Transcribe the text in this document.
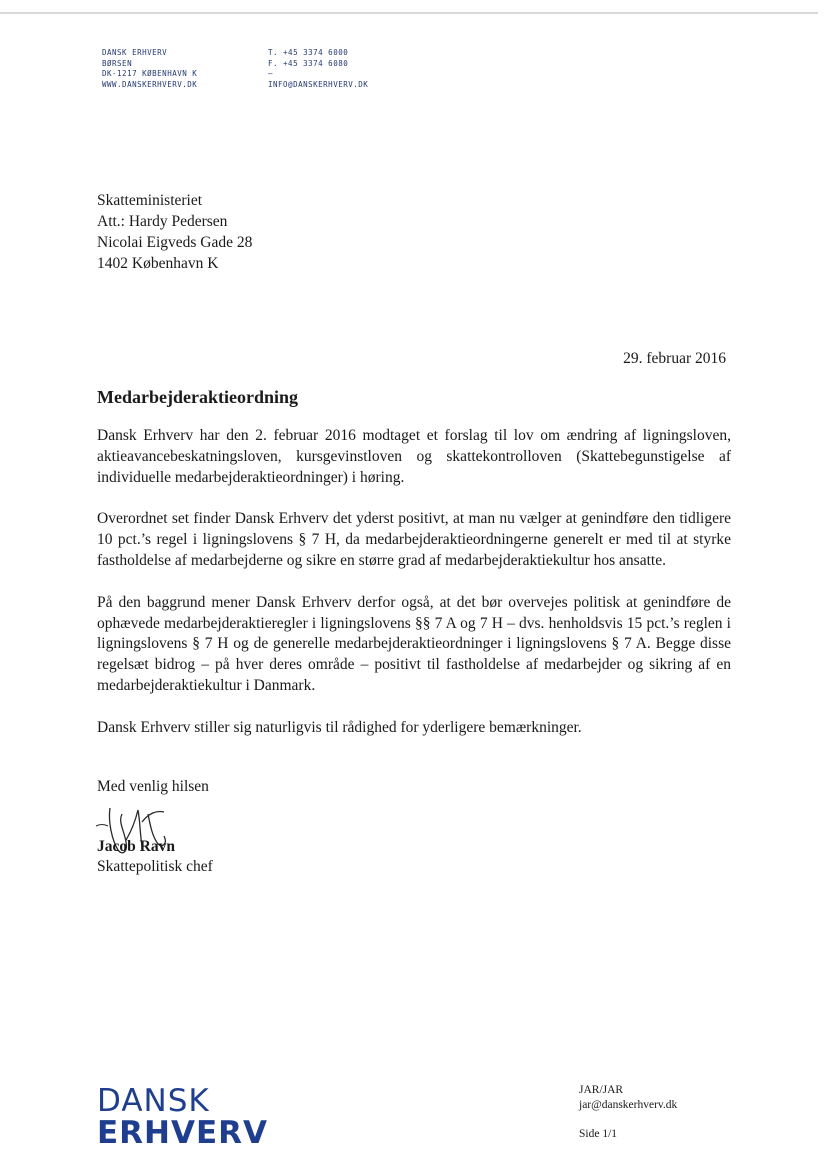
DANSK ERHVERV
BØRSEN
DK-1217 KØBENHAVN K
WWW.DANSKERHVERV.DK
T. +45 3374 6000
F. +45 3374 6080
–
INFO@DANSKERHVERV.DK
Skatteministeriet
Att.: Hardy Pedersen
Nicolai Eigveds Gade 28
1402 København K
29. februar 2016
Medarbejderaktieordning

Dansk Erhverv har den 2. februar 2016 modtaget et forslag til lov om ændring af ligningsloven, aktieavancebeskatningsloven, kursgevinstloven og skattekontrolloven (Skattebegunstigelse af individuelle medarbejderaktieordninger) i høring.

Overordnet set finder Dansk Erhverv det yderst positivt, at man nu vælger at genindføre den tidligere 10 pct.’s regel i ligningslovens § 7 H, da medarbejderaktieordningerne generelt er med til at styrke fastholdelse af medarbejderne og sikre en større grad af medarbejderaktiekultur hos ansatte.

På den baggrund mener Dansk Erhverv derfor også, at det bør overvejes politisk at genindføre de ophævede medarbejderaktieregler i ligningslovens §§ 7 A og 7 H – dvs. henholdsvis 15 pct.’s reglen i ligningslovens § 7 H og de generelle medarbejderaktieordninger i ligningslovens § 7 A. Begge disse regelsæt bidrog – på hver deres område – positivt til fastholdelse af medarbejder og sikring af en medarbejderaktiekultur i Danmark.

Dansk Erhverv stiller sig naturligvis til rådighed for yderligere bemærkninger.

Med venlig hilsen
Jacob Ravn
Skattepolitisk chef
DANSK
ERHVERV
JAR/JAR
jar@danskerhverv.dk
Side 1/1
